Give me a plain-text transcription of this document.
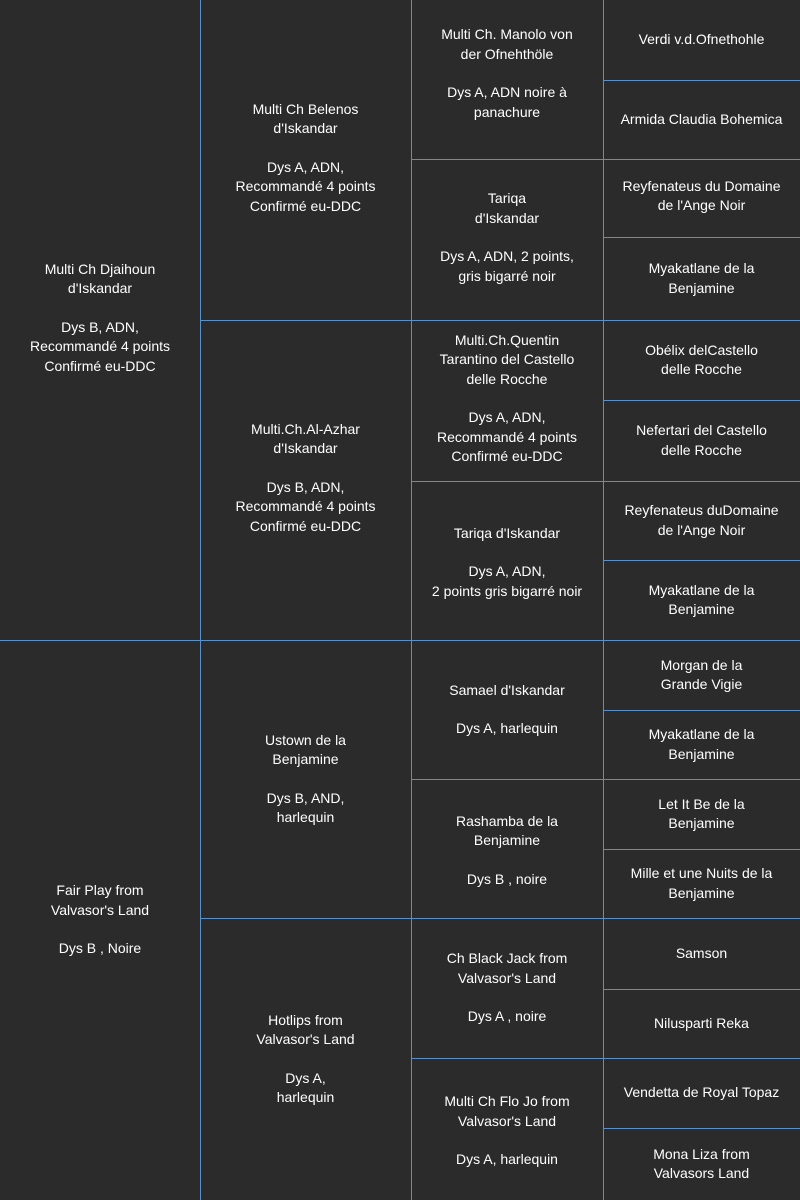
Multi Ch Djaihoun
d'Iskandar
Dys B, ADN,
Recommandé 4 points
Confirmé eu-DDC
Fair Play from
Valvasor's Land
Dys B , Noire
Multi Ch Belenos
d'Iskandar
Dys A, ADN,
Recommandé 4 points
Confirmé eu-DDC
Multi.Ch.Al-Azhar
d'Iskandar
Dys B, ADN,
Recommandé 4 points
Confirmé eu-DDC
Ustown de la
Benjamine
Dys B, AND,
harlequin
Hotlips from
Valvasor's Land
Dys A,
harlequin
Multi Ch. Manolo von
der Ofnehthöle
Dys A, ADN noire à
panachure
Tariqa
d'Iskandar
Dys A, ADN, 2 points,
gris bigarré noir
Multi.Ch.Quentin
Tarantino del Castello
delle Rocche
Dys A, ADN,
Recommandé 4 points
Confirmé eu-DDC
Tariqa d'Iskandar
Dys A, ADN,
2 points gris bigarré noir
Samael d'Iskandar
Dys A, harlequin
Rashamba de la
Benjamine
Dys B , noire
Ch Black Jack from
Valvasor's Land
Dys A , noire
Multi Ch Flo Jo from
Valvasor's Land
Dys A, harlequin
Verdi v.d.Ofnethohle
Armida Claudia Bohemica
Reyfenateus du Domaine
de l'Ange Noir
Myakatlane de la
Benjamine
Obélix delCastello
delle Rocche
Nefertari del Castello
delle Rocche
Reyfenateus duDomaine
de l'Ange Noir
Myakatlane de la
Benjamine
Morgan de la
Grande Vigie
Myakatlane de la
Benjamine
Let It Be de la
Benjamine
Mille et une Nuits de la
Benjamine
Samson
Nilusparti Reka
Vendetta de Royal Topaz
Mona Liza from
Valvasors Land
